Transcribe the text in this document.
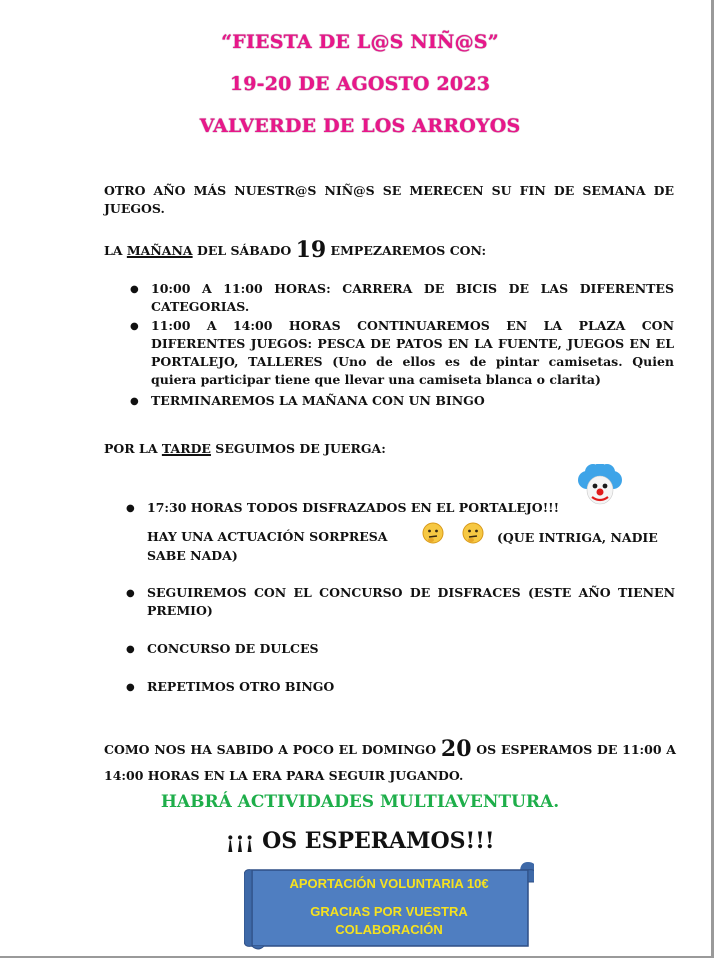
“FIESTA DE L@S NIÑ@S”
19-20 DE AGOSTO 2023
VALVERDE DE LOS ARROYOS
OTRO AÑO MÁS NUESTR@S NIÑ@S SE MERECEN SU FIN DE SEMANA DE JUEGOS.
LA MAÑANA DEL SÁBADO 19 EMPEZAREMOS CON:
● 10:00 A 11:00 HORAS: CARRERA DE BICIS DE LAS DIFERENTES CATEGORIAS.
● 11:00 A 14:00 HORAS CONTINUAREMOS EN LA PLAZA CON DIFERENTES JUEGOS: PESCA DE PATOS EN LA FUENTE, JUEGOS EN EL PORTALEJO, TALLERES (Uno de ellos es de pintar camisetas. Quien quiera participar tiene que llevar una camiseta blanca o clarita)
● TERMINAREMOS LA MAÑANA CON UN BINGO
POR LA TARDE SEGUIMOS DE JUERGA:
● 17:30 HORAS TODOS DISFRAZADOS EN EL PORTALEJO!!!
HAY UNA ACTUACIÓN SORPRESA	(QUE INTRIGA, NADIE
SABE NADA)
● SEGUIREMOS CON EL CONCURSO DE DISFRACES (ESTE AÑO TIENEN PREMIO)
● CONCURSO DE DULCES
● REPETIMOS OTRO BINGO
COMO NOS HA SABIDO A POCO EL DOMINGO 20 OS ESPERAMOS DE 11:00 A 14:00 HORAS EN LA ERA PARA SEGUIR JUGANDO.
HABRÁ ACTIVIDADES MULTIAVENTURA.
¡¡¡ OS ESPERAMOS!!!
APORTACIÓN VOLUNTARIA 10€
GRACIAS POR VUESTRA
COLABORACIÓN
